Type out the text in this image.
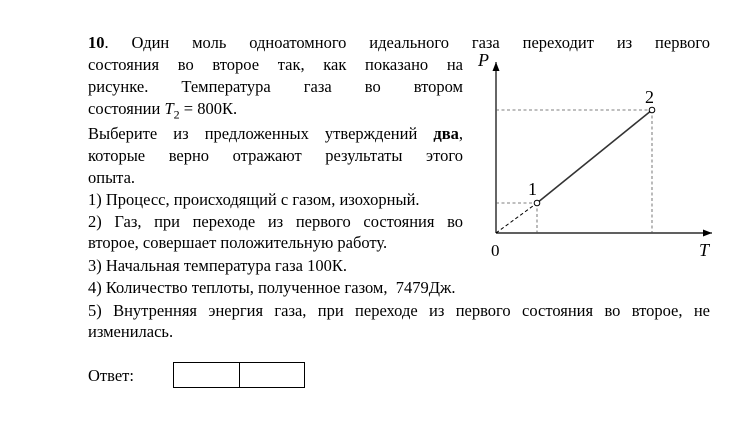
10. Один моль одноатомного идеального газа переходит из первого
состояния во второе так, как показано на
рисунке. Температура газа во втором
состоянии $T_2 = 800К$.
Выберите из предложенных утверждений два,
которые верно отражают результаты этого
опыта.
1) Процесс, происходящий с газом, изохорный.
2) Газ, при переходе из первого состояния во
второе, совершает положительную работу.
3) Начальная температура газа 100К.
4) Количество теплоты, полученное газом, 7479Дж.
5) Внутренняя энергия газа, при переходе из первого состояния во второе, не
изменилась.
P
T
0
1
2
Ответ:
